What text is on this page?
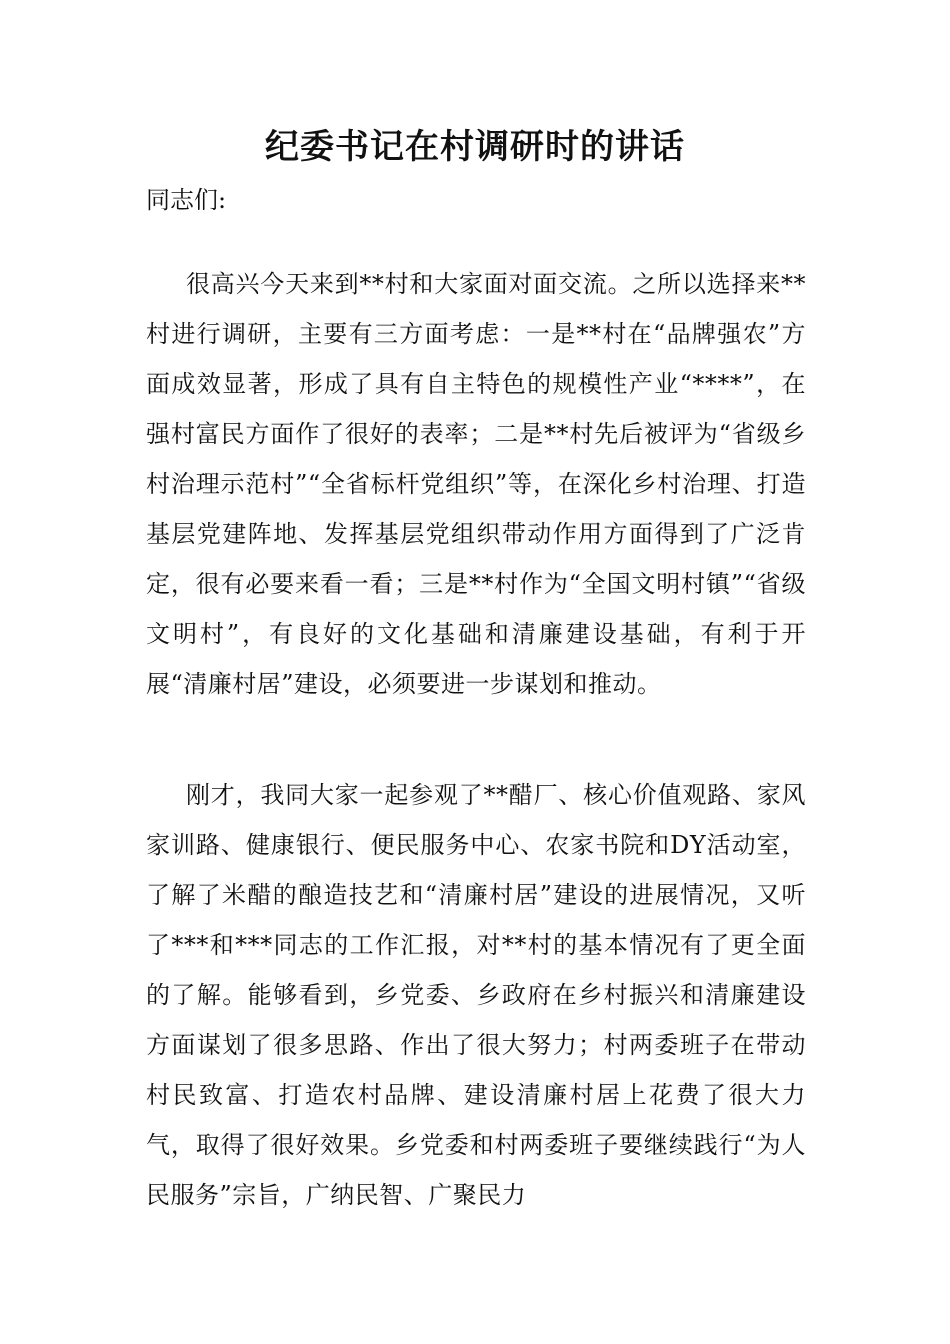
纪委书记在村调研时的讲话

同志们:

很高兴今天来到**村和大家面对面交流。之所以选择来**村进行调研，主要有三方面考虑：一是**村在“品牌强农”方面成效显著，形成了具有自主特色的规模性产业“****”，在强村富民方面作了很好的表率；二是**村先后被评为“省级乡村治理示范村”“全省标杆党组织”等，在深化乡村治理、打造基层党建阵地、发挥基层党组织带动作用方面得到了广泛肯定，很有必要来看一看；三是**村作为“全国文明村镇”“省级文明村”，有良好的文化基础和清廉建设基础，有利于开展“清廉村居”建设，必须要进一步谋划和推动。

刚才，我同大家一起参观了**醋厂、核心价值观路、家风家训路、健康银行、便民服务中心、农家书院和DY活动室，了解了米醋的酿造技艺和“清廉村居”建设的进展情况，又听了***和***同志的工作汇报，对**村的基本情况有了更全面的了解。能够看到，乡党委、乡政府在乡村振兴和清廉建设方面谋划了很多思路、作出了很大努力；村两委班子在带动村民致富、打造农村品牌、建设清廉村居上花费了很大力气，取得了很好效果。乡党委和村两委班子要继续践行“为人民服务”宗旨，广纳民智、广聚民力
